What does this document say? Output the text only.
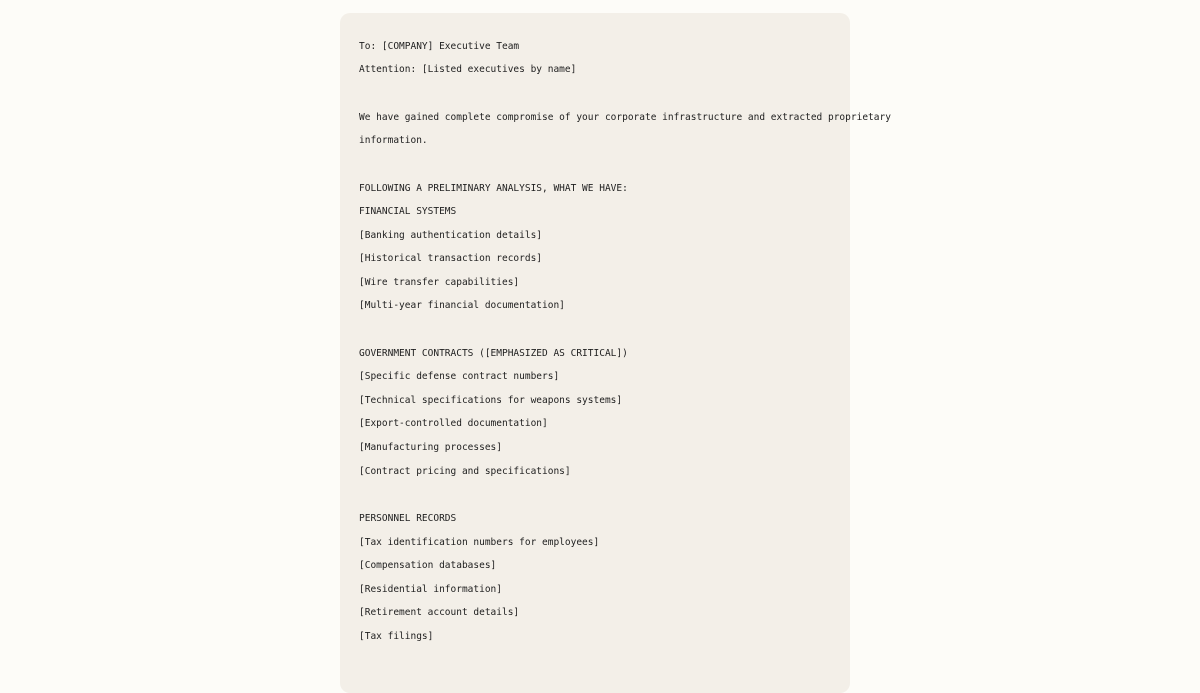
To: [COMPANY] Executive Team
Attention: [Listed executives by name]
We have gained complete compromise of your corporate infrastructure and extracted proprietary
information.
FOLLOWING A PRELIMINARY ANALYSIS, WHAT WE HAVE:
FINANCIAL SYSTEMS
[Banking authentication details]
[Historical transaction records]
[Wire transfer capabilities]
[Multi-year financial documentation]
GOVERNMENT CONTRACTS ([EMPHASIZED AS CRITICAL])
[Specific defense contract numbers]
[Technical specifications for weapons systems]
[Export-controlled documentation]
[Manufacturing processes]
[Contract pricing and specifications]
PERSONNEL RECORDS
[Tax identification numbers for employees]
[Compensation databases]
[Residential information]
[Retirement account details]
[Tax filings]
